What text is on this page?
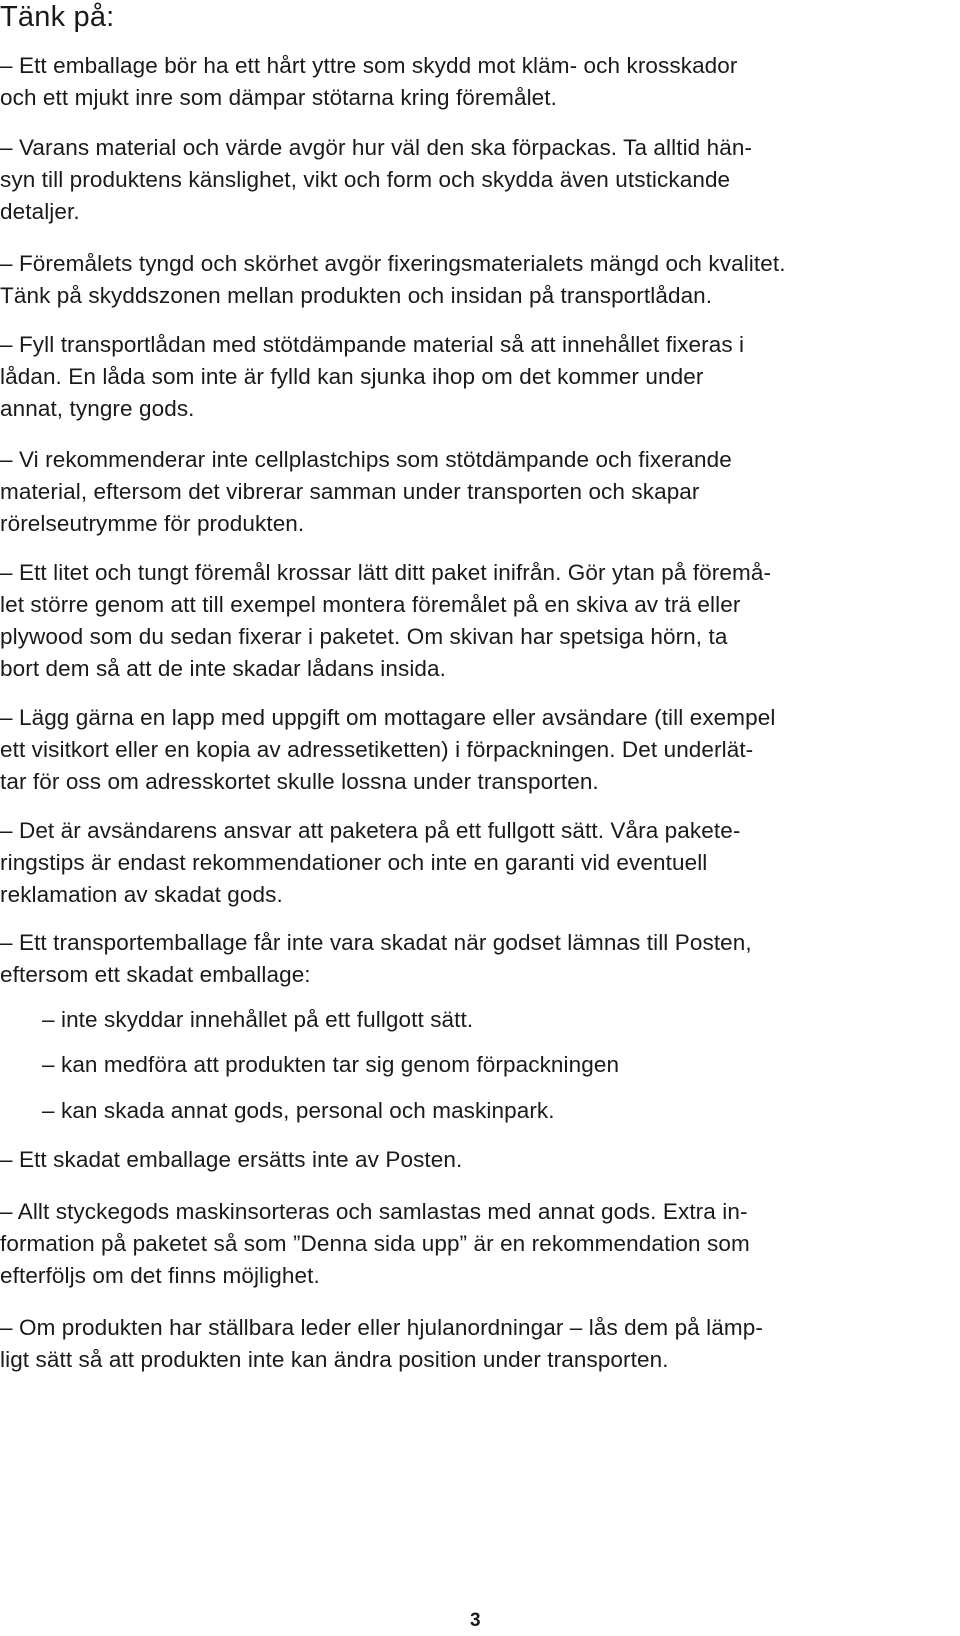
Tänk på:
– Ett emballage bör ha ett hårt yttre som skydd mot kläm- och krosskador
och ett mjukt inre som dämpar stötarna kring föremålet.
– Varans material och värde avgör hur väl den ska förpackas. Ta alltid hän-
syn till produktens känslighet, vikt och form och skydda även utstickande
detaljer.
– Föremålets tyngd och skörhet avgör fixeringsmaterialets mängd och kvalitet.
Tänk på skyddszonen mellan produkten och insidan på transportlådan.
– Fyll transportlådan med stötdämpande material så att innehållet fixeras i
lådan. En låda som inte är fylld kan sjunka ihop om det kommer under
annat, tyngre gods.
– Vi rekommenderar inte cellplastchips som stötdämpande och fixerande
material, eftersom det vibrerar samman under transporten och skapar
rörelseutrymme för produkten.
– Ett litet och tungt föremål krossar lätt ditt paket inifrån. Gör ytan på föremå-
let större genom att till exempel montera föremålet på en skiva av trä eller
plywood som du sedan fixerar i paketet. Om skivan har spetsiga hörn, ta
bort dem så att de inte skadar lådans insida.
– Lägg gärna en lapp med uppgift om mottagare eller avsändare (till exempel
ett visitkort eller en kopia av adressetiketten) i förpackningen. Det underlät-
tar för oss om adresskortet skulle lossna under transporten.
– Det är avsändarens ansvar att paketera på ett fullgott sätt. Våra pakete-
ringstips är endast rekommendationer och inte en garanti vid eventuell
reklamation av skadat gods.
– Ett transportemballage får inte vara skadat när godset lämnas till Posten,
eftersom ett skadat emballage:
– inte skyddar innehållet på ett fullgott sätt.
– kan medföra att produkten tar sig genom förpackningen
– kan skada annat gods, personal och maskinpark.
– Ett skadat emballage ersätts inte av Posten.
– Allt styckegods maskinsorteras och samlastas med annat gods. Extra in-
formation på paketet så som ”Denna sida upp” är en rekommendation som
efterföljs om det finns möjlighet.
– Om produkten har ställbara leder eller hjulanordningar – lås dem på lämp-
ligt sätt så att produkten inte kan ändra position under transporten.
3
